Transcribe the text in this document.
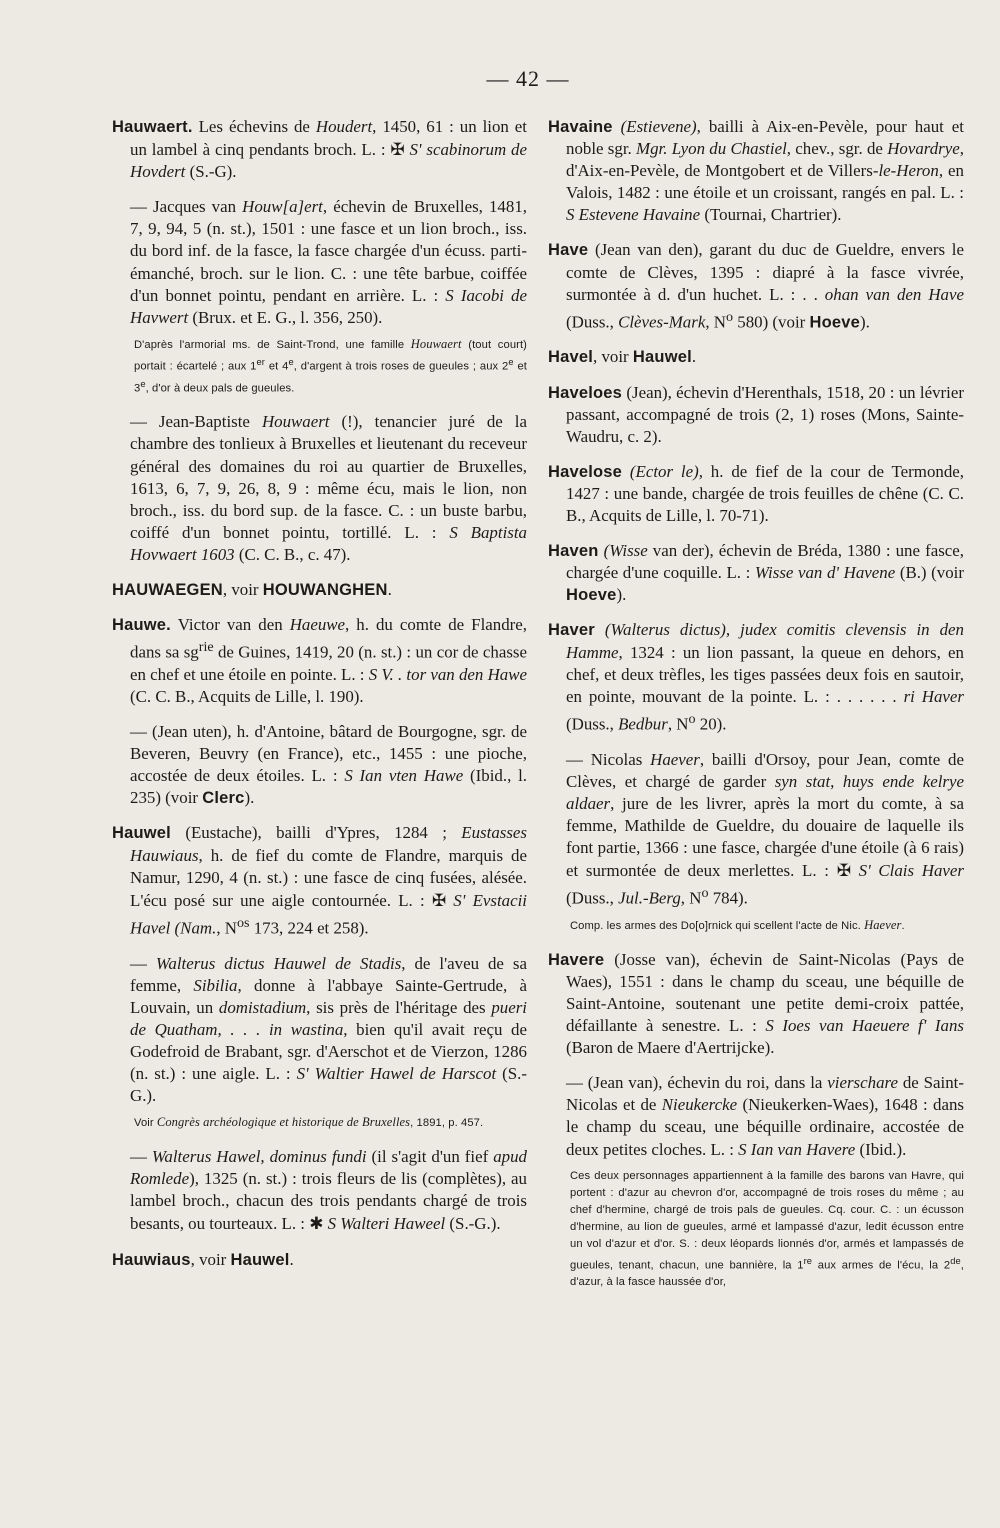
— 42 —

Hauwaert. Les échevins de Houdert, 1450, 61 : un lion et un lambel à cinq pendants broch. L. : ✠ S' scabinorum de Hovdert (S.-G).

— Jacques van Houw[a]ert, échevin de Bruxelles, 1481, 7, 9, 94, 5 (n. st.), 1501 : une fasce et un lion broch., iss. du bord inf. de la fasce, la fasce chargée d'un écuss. parti-émanché, broch. sur le lion. C. : une tête barbue, coiffée d'un bonnet pointu, pendant en arrière. L. : S Iacobi de Havwert (Brux. et E. G., l. 356, 250).

D'après l'armorial ms. de Saint-Trond, une famille Houwaert (tout court) portait : écartelé ; aux 1er et 4e, d'argent à trois roses de gueules ; aux 2e et 3e, d'or à deux pals de gueules.

— Jean-Baptiste Houwaert (!), tenancier juré de la chambre des tonlieux à Bruxelles et lieutenant du receveur général des domaines du roi au quartier de Bruxelles, 1613, 6, 7, 9, 26, 8, 9 : même écu, mais le lion, non broch., iss. du bord sup. de la fasce. C. : un buste barbu, coiffé d'un bonnet pointu, tortillé. L. : S Baptista Hovwaert 1603 (C. C. B., c. 47).

HAUWAEGEN, voir HOUWANGHEN.

Hauwe. Victor van den Haeuwe, h. du comte de Flandre, dans sa $sg^{rie}$ de Guines, 1419, 20 (n. st.) : un cor de chasse en chef et une étoile en pointe. L. : S V. . tor van den Hawe (C. C. B., Acquits de Lille, l. 190).

— (Jean uten), h. d'Antoine, bâtard de Bourgogne, sgr. de Beveren, Beuvry (en France), etc., 1455 : une pioche, accostée de deux étoiles. L. : S Ian vten Hawe (Ibid., l. 235) (voir Clerc).

Hauwel (Eustache), bailli d'Ypres, 1284 ; Eustasses Hauwiaus, h. de fief du comte de Flandre, marquis de Namur, 1290, 4 (n. st.) : une fasce de cinq fusées, alésée. L'écu posé sur une aigle contournée. L. : ✠ S' Evstacii Havel (Nam., $N^{os}$ 173, 224 et 258).

— Walterus dictus Hauwel de Stadis, de l'aveu de sa femme, Sibilia, donne à l'abbaye Sainte-Gertrude, à Louvain, un domistadium, sis près de l'héritage des pueri de Quatham, . . . in wastina, bien qu'il avait reçu de Godefroid de Brabant, sgr. d'Aerschot et de Vierzon, 1286 (n. st.) : une aigle. L. : S' Waltier Hawel de Harscot (S.-G.).

Voir Congrès archéologique et historique de Bruxelles, 1891, p. 457.

— Walterus Hawel, dominus fundi (il s'agit d'un fief apud Romlede), 1325 (n. st.) : trois fleurs de lis (complètes), au lambel broch., chacun des trois pendants chargé de trois besants, ou tourteaux. L. : ✱ S Walteri Haweel (S.-G.).

Hauwiaus, voir Hauwel.

Havaine (Estievene), bailli à Aix-en-Pevèle, pour haut et noble sgr. Mgr. Lyon du Chastiel, chev., sgr. de Hovardrye, d'Aix-en-Pevèle, de Montgobert et de Villers-le-Heron, en Valois, 1482 : une étoile et un croissant, rangés en pal. L. : S Estevene Havaine (Tournai, Chartrier).

Have (Jean van den), garant du duc de Gueldre, envers le comte de Clèves, 1395 : diapré à la fasce vivrée, surmontée à d. d'un huchet. L. : . . ohan van den Have (Duss., Clèves-Mark, $N^o$ 580) (voir Hoeve).

Havel, voir Hauwel.

Haveloes (Jean), échevin d'Herenthals, 1518, 20 : un lévrier passant, accompagné de trois (2, 1) roses (Mons, Sainte-Waudru, c. 2).

Havelose (Ector le), h. de fief de la cour de Termonde, 1427 : une bande, chargée de trois feuilles de chêne (C. C. B., Acquits de Lille, l. 70-71).

Haven (Wisse van der), échevin de Bréda, 1380 : une fasce, chargée d'une coquille. L. : Wisse van d' Havene (B.) (voir Hoeve).

Haver (Walterus dictus), judex comitis clevensis in den Hamme, 1324 : un lion passant, la queue en dehors, en chef, et deux trèfles, les tiges passées deux fois en sautoir, en pointe, mouvant de la pointe. L. : . . . . . . ri Haver (Duss., Bedbur, $N^o$ 20).

— Nicolas Haever, bailli d'Orsoy, pour Jean, comte de Clèves, et chargé de garder syn stat, huys ende kelrye aldaer, jure de les livrer, après la mort du comte, à sa femme, Mathilde de Gueldre, du douaire de laquelle ils font partie, 1366 : une fasce, chargée d'une étoile (à 6 rais) et surmontée de deux merlettes. L. : ✠ S' Clais Haver (Duss., Jul.-Berg, $N^o$ 784).

Comp. les armes des Do[o]rnick qui scellent l'acte de Nic. Haever.

Havere (Josse van), échevin de Saint-Nicolas (Pays de Waes), 1551 : dans le champ du sceau, une béquille de Saint-Antoine, soutenant une petite demi-croix pattée, défaillante à senestre. L. : S Ioes van Haeuere f' Ians (Baron de Maere d'Aertrijcke).

— (Jean van), échevin du roi, dans la vierschare de Saint-Nicolas et de Nieukercke (Nieukerken-Waes), 1648 : dans le champ du sceau, une béquille ordinaire, accostée de deux petites cloches. L. : S Ian van Havere (Ibid.).

Ces deux personnages appartiennent à la famille des barons van Havre, qui portent : d'azur au chevron d'or, accompagné de trois roses du même ; au chef d'hermine, chargé de trois pals de gueules. Cq. cour. C. : un écusson d'hermine, au lion de gueules, armé et lampassé d'azur, ledit écusson entre un vol d'azur et d'or. S. : deux léopards lionnés d'or, armés et lampassés de gueules, tenant, chacun, une bannière, la 1re aux armes de l'écu, la 2de, d'azur, à la fasce haussée d'or,
